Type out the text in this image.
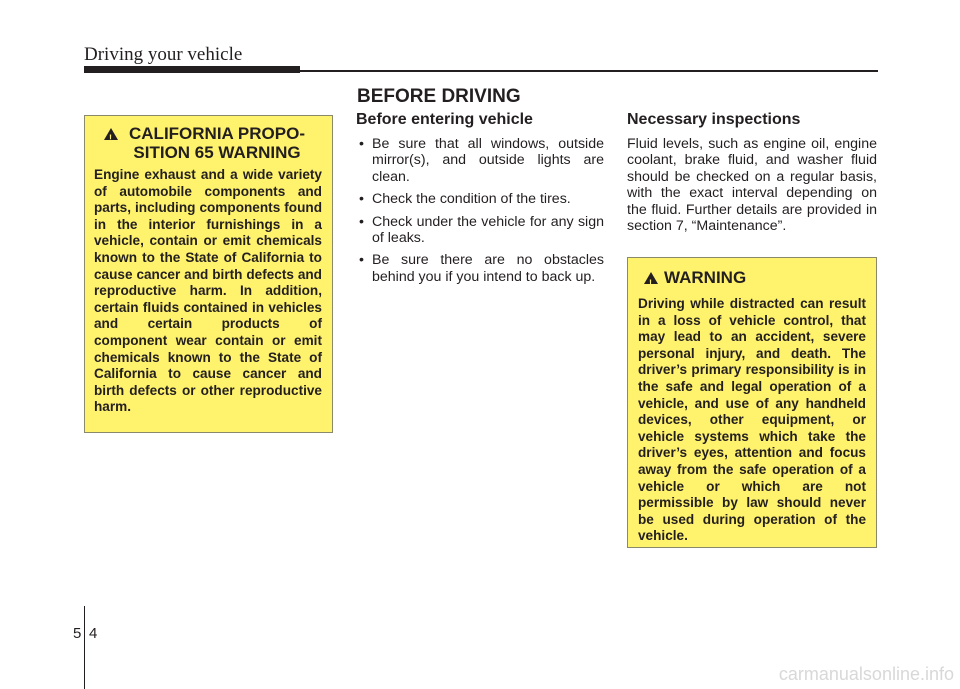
Driving your vehicle
BEFORE DRIVING
!
CALIFORNIA PROPO-
SITION 65 WARNING
Engine exhaust and a wide variety of automobile components and parts, including components found in the interior furnishings in a vehicle, contain or emit chemicals known to the State of California to cause cancer and birth defects and reproductive harm. In addition, certain fluids contained in vehicles and certain products of component wear contain or emit chemicals known to the State of California to cause cancer and birth defects or other reproductive harm.
Before entering vehicle
• Be sure that all windows, outside mirror(s), and outside lights are clean.
• Check the condition of the tires.
• Check under the vehicle for any sign of leaks.
• Be sure there are no obstacles behind you if you intend to back up.
Necessary inspections

Fluid levels, such as engine oil, engine coolant, brake fluid, and washer fluid should be checked on a regular basis, with the exact interval depending on the fluid. Further details are provided in section 7, “Maintenance”.

!
WARNING
Driving while distracted can result in a loss of vehicle control, that may lead to an accident, severe personal injury, and death. The driver’s primary responsibility is in the safe and legal operation of a vehicle, and use of any handheld devices, other equipment, or vehicle systems which take the driver’s eyes, attention and focus away from the safe operation of a vehicle or which are not permissible by law should never be used during operation of the vehicle.
5 4
carmanualsonline.info
